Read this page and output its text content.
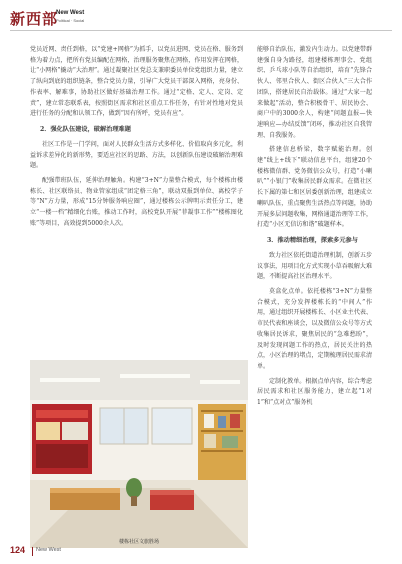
新西部
New West
Political · Social

党员近网、责任到格，以“党建+网格”为抓手，以党员进网、党员在格、服务到格为着力点，把所有党员编配在网格，治理服务聚焦在网格，作用发挥在网格，让“小网格”撬动“大治理”。通过凝聚社区党总支兼职委员单位党组织力量，建立了纵向到底的组织链条，整合党员力量，引导广大党员干部深入网格，亮身份、作表率、解难事，协助社区做好基础治理工作。通过“定格、定人、定岗、定责”，建立常态联系表，按照街区需求和社区重点工作任务，有针对性地对党员进行任务的分配和认领工作，做到“因有所呼，党员有应”。

2．强化队伍建设，破解治理难题

社区工作是一门学问，面对人民群众生活方式多样化、价值取向多元化，利益诉求差异化的新形势，要适应社区的思路、方法，以创新队伍建设破解治理难题。

配强带班队伍，延伸治理触角。构建“3+N”力量整合模式，每个楼栋由楼栋长、社区联络员、物业管家组成“团定格三角”，联动双报到单位、离校学子等“N”方力量，形成“15分钟服务响应圈”，通过楼栋公示牌明示责任分工，建立“一楼一档”精细化台账，推动工作时，高校党队开展“菲凝事工作”“楼栋图化账”等项目，高效提到5000余人次。

能够自治队伍，激发内生动力。以党建带群建强自身为路径，组建楼栋理事会、党组织、乒乓球小队等自治组织，培育“先锋合伙人、邻里合伙人、街区合伙人”三大合作团队，搭建居民自治载体。通过“大家一起来做起”活动，整合积极骨干、居民协会、商户中的3000余人，构建“问题直报—快速响应—办结反馈”闭环，推动社区自我管理、自我服务。

搭建信息桥梁，数字赋能治理。创建“线上+线下”联动信息平台，组建20个楼栋微信群、党务微信公众号，打造“小喇叭”“小银门”收集居民群众需求。在微社区长下属的第七和区居委创新治理，组建成立喇叭队伍，重点聚焦生活热点等问题，协助开展多层问题收集，网格通道治理等工作，打造“小区无信访和谐”破题样本。

3．推动精细治理，探索多元参与

致力社区依托街道治理机制，创新五步议事法，用项目化方式实现小草吞吸解大难题，不断提高社区治理水平。

莫盒化点单。依托楼栋“3+N”力量整合模式，充分发挥楼栋长的“中间人”作用，通过组织开展楼栋长、小区业主代表、市民代表和座谈会，以及微信公众号等方式收集居民诉求，聚焦居民的“急难愁盼”，及时发现问题工作的热点，居民关注的热点，小区治理的堵点，定期梳理居民需求清单。

定制化教单。根据点单内容，综合考虑居民需求和社区服务能力，建立起“1对1”和“点对点”服务机

楼栋社区文旅胜场
124 New West
